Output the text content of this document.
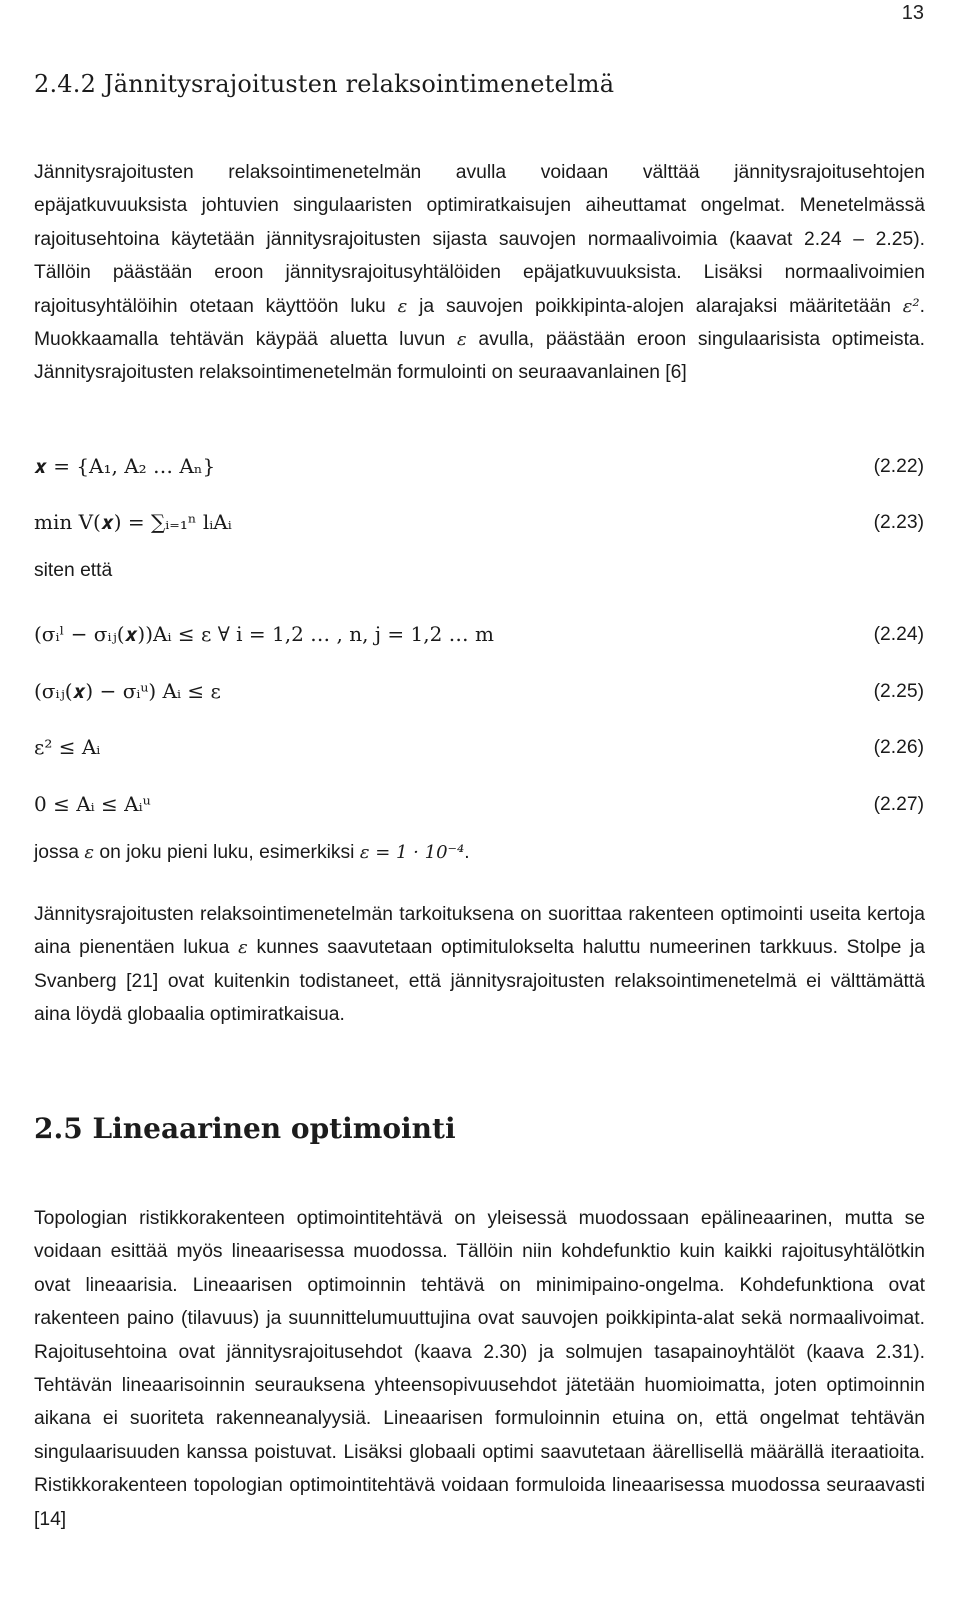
13
2.4.2 Jännitysrajoitusten relaksointimenetelmä

Jännitysrajoitusten relaksointimenetelmän avulla voidaan välttää jännitysrajoitusehtojen epäjatkuvuuksista johtuvien singulaaristen optimiratkaisujen aiheuttamat ongelmat. Menetelmässä rajoitusehtoina käytetään jännitysrajoitusten sijasta sauvojen normaalivoimia (kaavat 2.24 – 2.25). Tällöin päästään eroon jännitysrajoitusyhtälöiden epäjatkuvuuksista. Lisäksi normaalivoimien rajoitusyhtälöihin otetaan käyttöön luku ε ja sauvojen poikkipinta-alojen alarajaksi määritetään ε². Muokkaamalla tehtävän käypää aluetta luvun ε avulla, päästään eroon singulaarisista optimeista. Jännitysrajoitusten relaksointimenetelmän formulointi on seuraavanlainen [6]

𝒙 = {A₁, A₂ … Aₙ}	(2.22)
min V(𝒙) = ∑ᵢ₌₁ⁿ lᵢAᵢ	(2.23)

siten että

(σᵢˡ − σᵢⱼ(𝒙))Aᵢ ≤ ε ∀ i = 1,2 … , n, j = 1,2 … m	(2.24)
(σᵢⱼ(𝒙) − σᵢᵘ) Aᵢ ≤ ε	(2.25)
ε² ≤ Aᵢ	(2.26)
0 ≤ Aᵢ ≤ Aᵢᵘ	(2.27)

jossa ε on joku pieni luku, esimerkiksi ε = 1 · 10⁻⁴.

Jännitysrajoitusten relaksointimenetelmän tarkoituksena on suorittaa rakenteen optimointi useita kertoja aina pienentäen lukua ε kunnes saavutetaan optimitulokselta haluttu numeerinen tarkkuus. Stolpe ja Svanberg [21] ovat kuitenkin todistaneet, että jännitysrajoitusten relaksointimenetelmä ei välttämättä aina löydä globaalia optimiratkaisua.

2.5 Lineaarinen optimointi

Topologian ristikkorakenteen optimointitehtävä on yleisessä muodossaan epälineaarinen, mutta se voidaan esittää myös lineaarisessa muodossa. Tällöin niin kohdefunktio kuin kaikki rajoitusyhtälötkin ovat lineaarisia. Lineaarisen optimoinnin tehtävä on minimipaino-ongelma. Kohdefunktiona ovat rakenteen paino (tilavuus) ja suunnittelumuuttujina ovat sauvojen poikkipinta-alat sekä normaalivoimat. Rajoitusehtoina ovat jännitysrajoitusehdot (kaava 2.30) ja solmujen tasapainoyhtälöt (kaava 2.31). Tehtävän lineaarisoinnin seurauksena yhteensopivuusehdot jätetään huomioimatta, joten optimoinnin aikana ei suoriteta rakenneanalyysiä. Lineaarisen formuloinnin etuina on, että ongelmat tehtävän singulaarisuuden kanssa poistuvat. Lisäksi globaali optimi saavutetaan äärellisellä määrällä iteraatioita. Ristikkorakenteen topologian optimointitehtävä voidaan formuloida lineaarisessa muodossa seuraavasti [14]
